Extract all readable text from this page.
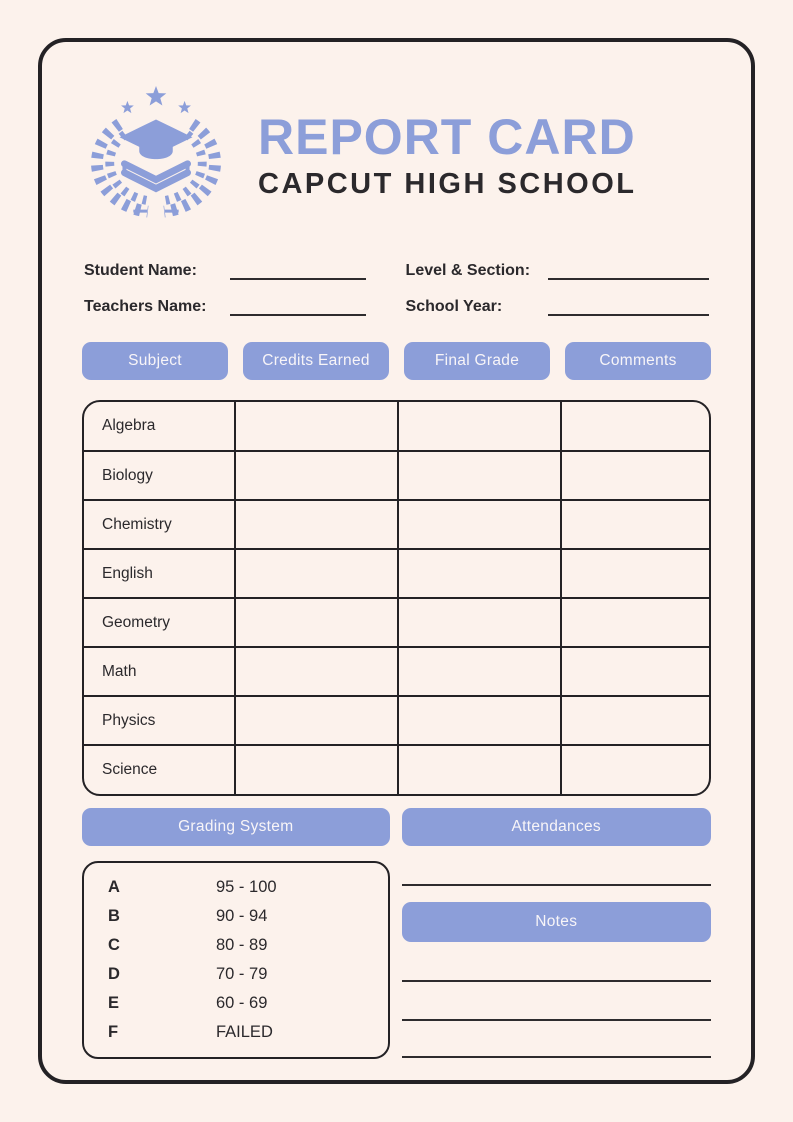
REPORT CARD
CAPCUT HIGH SCHOOL
Student Name:	Level & Section:
Teachers Name:	School Year:
Subject	Credits Earned	Final Grade	Comments
Algebra			
Biology			
Chemistry			
English			
Geometry			
Math			
Physics			
Science			
Grading System	Attendances
A	95 - 100
B	90 - 94
C	80 - 89
D	70 - 79
E	60 - 69
F	FAILED
Notes
